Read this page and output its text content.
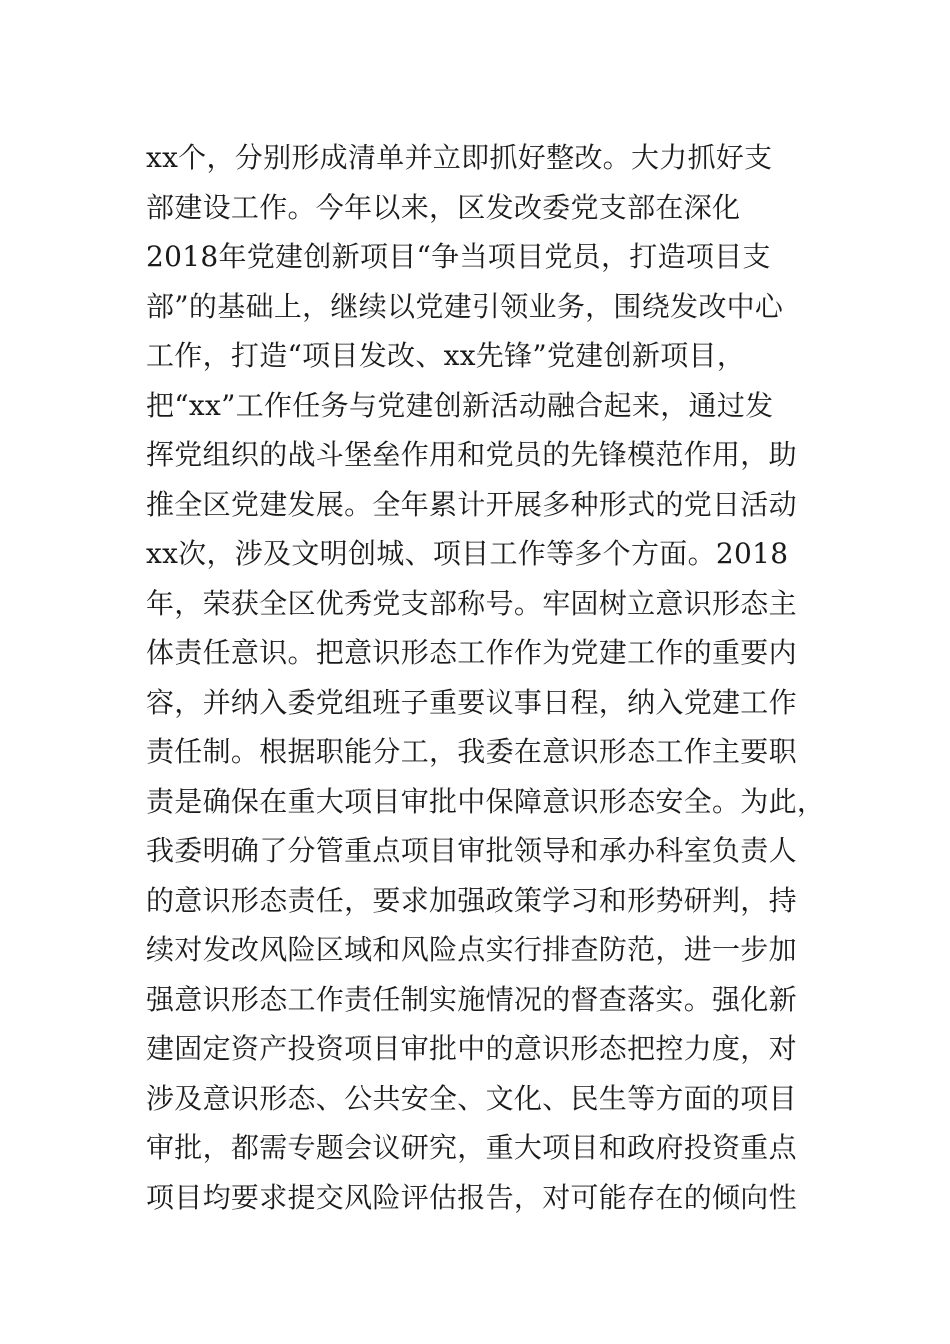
xx个，分别形成清单并立即抓好整改。大力抓好支
部建设工作。今年以来，区发改委党支部在深化
2018年党建创新项目“争当项目党员，打造项目支
部”的基础上，继续以党建引领业务，围绕发改中心
工作，打造“项目发改、xx先锋”党建创新项目，
把“xx”工作任务与党建创新活动融合起来，通过发
挥党组织的战斗堡垒作用和党员的先锋模范作用，助
推全区党建发展。全年累计开展多种形式的党日活动
xx次，涉及文明创城、项目工作等多个方面。2018
年，荣获全区优秀党支部称号。牢固树立意识形态主
体责任意识。把意识形态工作作为党建工作的重要内
容，并纳入委党组班子重要议事日程，纳入党建工作
责任制。根据职能分工，我委在意识形态工作主要职
责是确保在重大项目审批中保障意识形态安全。为此，
我委明确了分管重点项目审批领导和承办科室负责人
的意识形态责任，要求加强政策学习和形势研判，持
续对发改风险区域和风险点实行排查防范，进一步加
强意识形态工作责任制实施情况的督查落实。强化新
建固定资产投资项目审批中的意识形态把控力度，对
涉及意识形态、公共安全、文化、民生等方面的项目
审批，都需专题会议研究，重大项目和政府投资重点
项目均要求提交风险评估报告，对可能存在的倾向性
